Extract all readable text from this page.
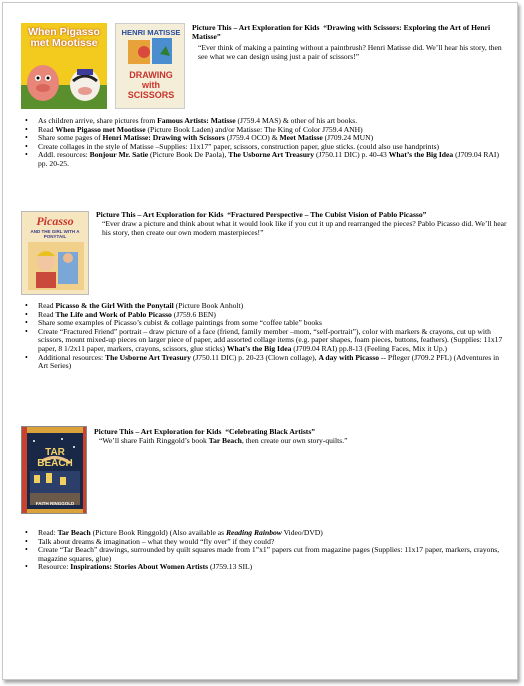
When Pigasso met Mootisse
HENRI MATISSE
DRAWING with SCISSORS
Picture This – Art Exploration for Kids “Drawing with Scissors: Exploring the Art of Henri Matisse”
“Ever think of making a painting without a paintbrush? Henri Matisse did. We’ll hear his story, then see what we can design using just a pair of scissors!”
• As children arrive, share pictures from Famous Artists: Matisse (J759.4 MAS) & other of his art books.
• Read When Pigasso met Mootisse (Picture Book Laden) and/or Matisse: The King of Color J759.4 ANH)
• Share some pages of Henri Matisse: Drawing with Scissors (J759.4 OCO) & Meet Matisse (J709.24 MUN)
• Create collages in the style of Matisse –Supplies: 11x17” paper, scissors, construction paper, glue sticks. (could also use handprints)
• Addl. resources: Bonjour Mr. Satie (Picture Book De Paola), The Usborne Art Treasury (J750.11 DIC) p. 40-43 What’s the Big Idea (J709.04 RAI) pp. 20-25.
Picasso
AND THE GIRL WITH A PONYTAIL
Picture This – Art Exploration for Kids “Fractured Perspective – The Cubist Vision of Pablo Picasso”
“Ever draw a picture and think about what it would look like if you cut it up and rearranged the pieces? Pablo Picasso did. We’ll hear his story, then create our own modern masterpieces!”
• Read Picasso & the Girl With the Ponytail (Picture Book Anholt)
• Read The Life and Work of Pablo Picasso (J759.6 BEN)
• Share some examples of Picasso’s cubist & collage paintings from some “coffee table” books
• Create “Fractured Friend” portrait – draw picture of a face (friend, family member –mom, “self-portrait”), color with markers & crayons, cut up with scissors, mount mixed-up pieces on larger piece of paper, add assorted collage items (e.g. paper shapes, foam pieces, buttons, feathers). (Supplies: 11x17 paper, 8 1/2x11 paper, markers, crayons, scissors, glue sticks) What’s the Big Idea (J709.04 RAI) pp.8-13 (Feeling Faces, Mix it Up.)
• Additional resources: The Usborne Art Treasury (J750.11 DIC) p. 20-23 (Clown collage), A day with Picasso -- Pfleger (J709.2 PFL) (Adventures in Art Series)
TAR BEACH
FAITH RINGGOLD
Picture This – Art Exploration for Kids “Celebrating Black Artists”
“We’ll share Faith Ringgold’s book Tar Beach, then create our own story-quilts.”
• Read: Tar Beach (Picture Book Ringgold) (Also available as Reading Rainbow Video/DVD)
• Talk about dreams & imagination – what they would “fly over” if they could?
• Create “Tar Beach” drawings, surrounded by quilt squares made from 1”x1” papers cut from magazine pages (Supplies: 11x17 paper, markers, crayons, magazine squares, glue)
• Resource: Inspirations: Stories About Women Artists (J759.13 SIL)
